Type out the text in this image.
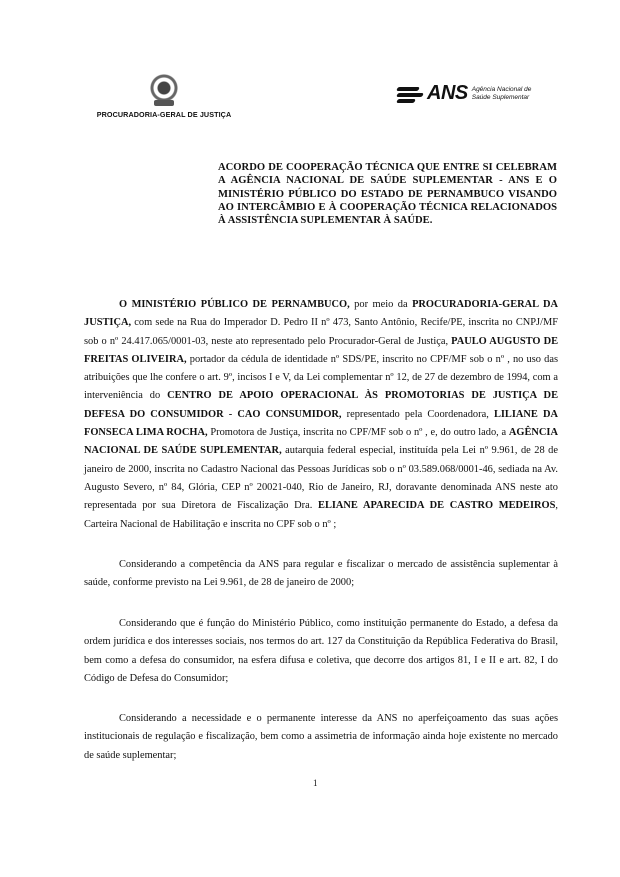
PROCURADORIA-GERAL DE JUSTIÇA
ANS Agência Nacional de
Saúde Suplementar
ACORDO DE COOPERAÇÃO TÉCNICA QUE ENTRE SI CELEBRAM A AGÊNCIA NACIONAL DE SAÚDE SUPLEMENTAR - ANS E O MINISTÉRIO PÚBLICO DO ESTADO DE PERNAMBUCO VISANDO AO INTERCÂMBIO E À COOPERAÇÃO TÉCNICA RELACIONADOS À ASSISTÊNCIA SUPLEMENTAR À SAÚDE.
O MINISTÉRIO PÚBLICO DE PERNAMBUCO, por meio da PROCURADORIA-GERAL DA JUSTIÇA, com sede na Rua do Imperador D. Pedro II nº 473, Santo Antônio, Recife/PE, inscrita no CNPJ/MF sob o nº 24.417.065/0001-03, neste ato representado pelo Procurador-Geral de Justiça, PAULO AUGUSTO DE FREITAS OLIVEIRA, portador da cédula de identidade nº SDS/PE, inscrito no CPF/MF sob o nº , no uso das atribuições que lhe confere o art. 9º, incisos I e V, da Lei complementar nº 12, de 27 de dezembro de 1994, com a interveniência do CENTRO DE APOIO OPERACIONAL ÀS PROMOTORIAS DE JUSTIÇA DE DEFESA DO CONSUMIDOR - CAO CONSUMIDOR, representado pela Coordenadora, LILIANE DA FONSECA LIMA ROCHA, Promotora de Justiça, inscrita no CPF/MF sob o nº , e, do outro lado, a AGÊNCIA NACIONAL DE SAÚDE SUPLEMENTAR, autarquia federal especial, instituída pela Lei nº 9.961, de 28 de janeiro de 2000, inscrita no Cadastro Nacional das Pessoas Jurídicas sob o nº 03.589.068/0001-46, sediada na Av. Augusto Severo, nº 84, Glória, CEP nº 20021-040, Rio de Janeiro, RJ, doravante denominada ANS neste ato representada por sua Diretora de Fiscalização Dra. ELIANE APARECIDA DE CASTRO MEDEIROS, Carteira Nacional de Habilitação e inscrita no CPF sob o nº ;
Considerando a competência da ANS para regular e fiscalizar o mercado de assistência suplementar à saúde, conforme previsto na Lei 9.961, de 28 de janeiro de 2000;
Considerando que é função do Ministério Público, como instituição permanente do Estado, a defesa da ordem jurídica e dos interesses sociais, nos termos do art. 127 da Constituição da República Federativa do Brasil, bem como a defesa do consumidor, na esfera difusa e coletiva, que decorre dos artigos 81, I e II e art. 82, I do Código de Defesa do Consumidor;
Considerando a necessidade e o permanente interesse da ANS no aperfeiçoamento das suas ações institucionais de regulação e fiscalização, bem como a assimetria de informação ainda hoje existente no mercado de saúde suplementar;
1
